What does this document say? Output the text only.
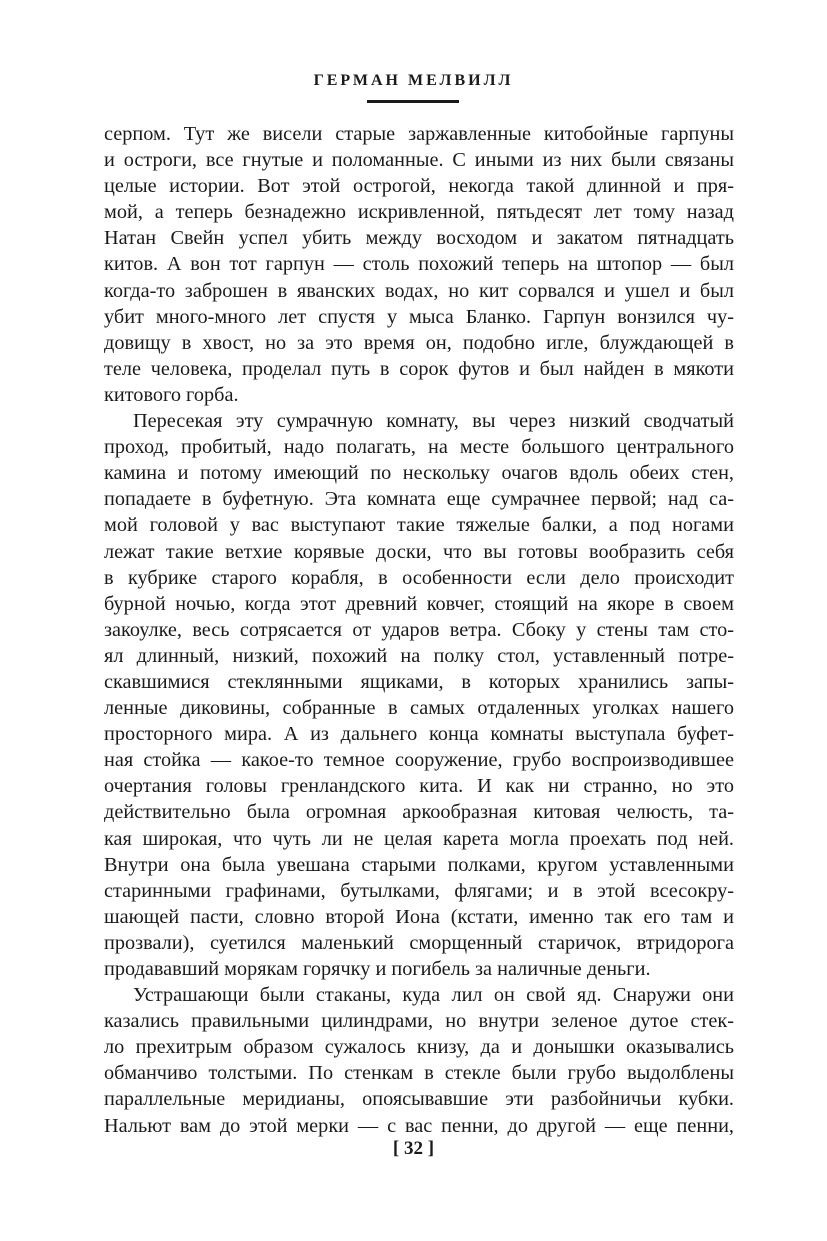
ГЕРМАН МЕЛВИЛЛ
серпом. Тут же висели старые заржавленные китобойные гарпуны
и остроги, все гнутые и поломанные. С иными из них были связаны
целые истории. Вот этой острогой, некогда такой длинной и пря-
мой, а теперь безнадежно искривленной, пятьдесят лет тому назад
Натан Свейн успел убить между восходом и закатом пятнадцать
китов. А вон тот гарпун — столь похожий теперь на штопор — был
когда-то заброшен в яванских водах, но кит сорвался и ушел и был
убит много-много лет спустя у мыса Бланко. Гарпун вонзился чу-
довищу в хвост, но за это время он, подобно игле, блуждающей в
теле человека, проделал путь в сорок футов и был найден в мякоти
китового горба.
Пересекая эту сумрачную комнату, вы через низкий сводчатый
проход, пробитый, надо полагать, на месте большого центрального
камина и потому имеющий по нескольку очагов вдоль обеих стен,
попадаете в буфетную. Эта комната еще сумрачнее первой; над са-
мой головой у вас выступают такие тяжелые балки, а под ногами
лежат такие ветхие корявые доски, что вы готовы вообразить себя
в кубрике старого корабля, в особенности если дело происходит
бурной ночью, когда этот древний ковчег, стоящий на якоре в своем
закоулке, весь сотрясается от ударов ветра. Сбоку у стены там сто-
ял длинный, низкий, похожий на полку стол, уставленный потре-
скавшимися стеклянными ящиками, в которых хранились запы-
ленные диковины, собранные в самых отдаленных уголках нашего
просторного мира. А из дальнего конца комнаты выступала буфет-
ная стойка — какое-то темное сооружение, грубо воспроизводившее
очертания головы гренландского кита. И как ни странно, но это
действительно была огромная аркообразная китовая челюсть, та-
кая широкая, что чуть ли не целая карета могла проехать под ней.
Внутри она была увешана старыми полками, кругом уставленными
старинными графинами, бутылками, флягами; и в этой всесокру-
шающей пасти, словно второй Иона (кстати, именно так его там и
прозвали), суетился маленький сморщенный старичок, втридорога
продававший морякам горячку и погибель за наличные деньги.
Устрашающи были стаканы, куда лил он свой яд. Снаружи они
казались правильными цилиндрами, но внутри зеленое дутое стек-
ло прехитрым образом сужалось книзу, да и донышки оказывались
обманчиво толстыми. По стенкам в стекле были грубо выдолблены
параллельные меридианы, опоясывавшие эти разбойничьи кубки.
Нальют вам до этой мерки — с вас пенни, до другой — еще пенни,
[ 32 ]
